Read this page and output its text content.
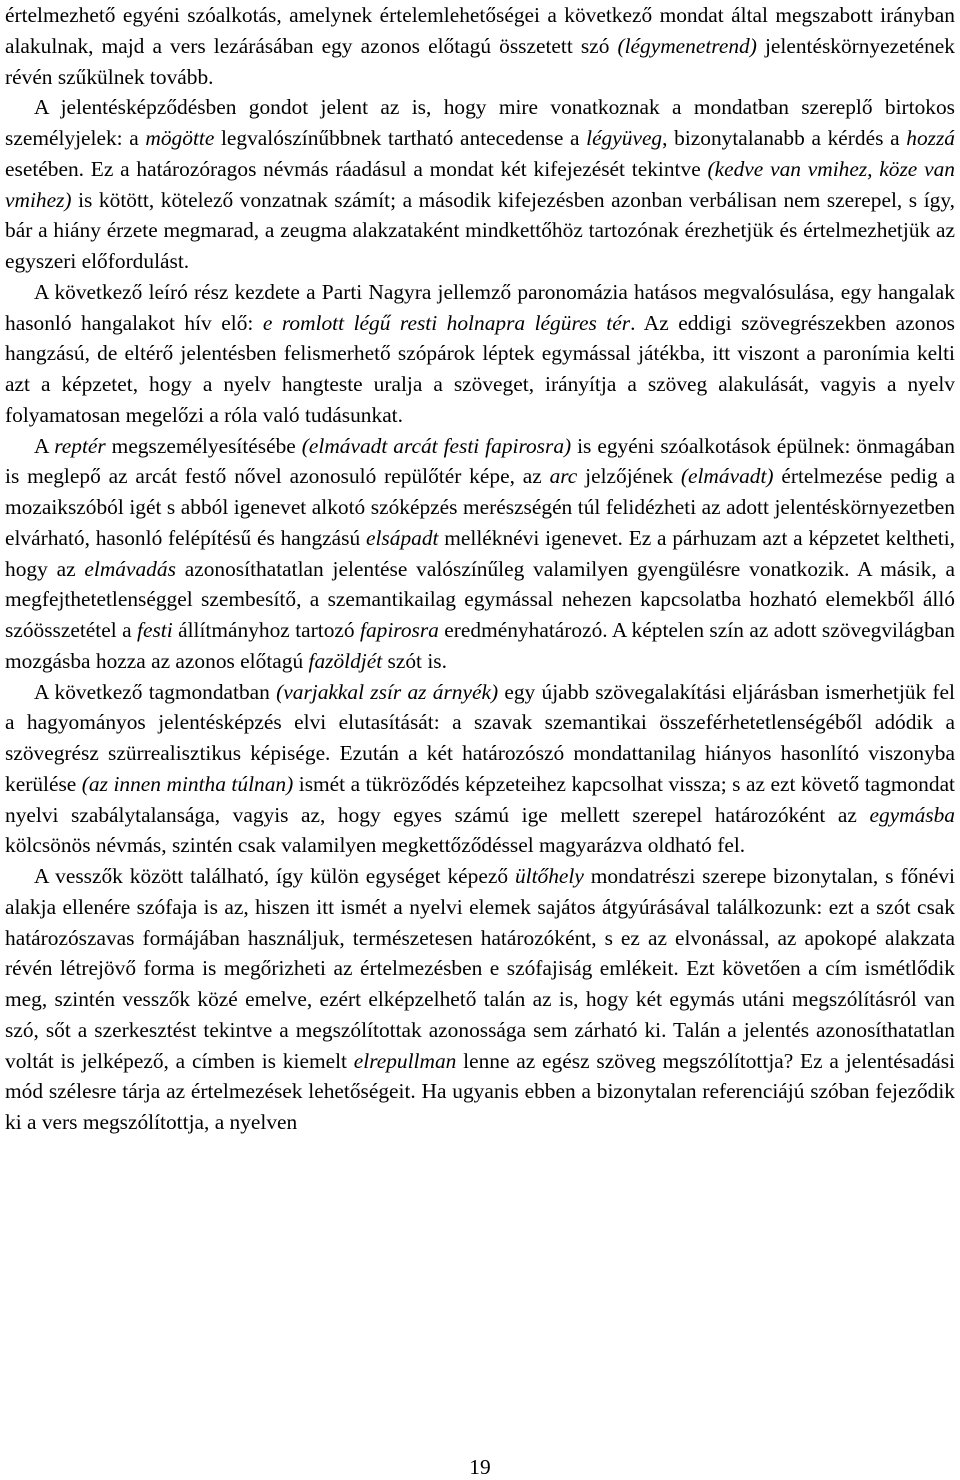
értelmezhető egyéni szóalkotás, amelynek értelemlehetőségei a következő mondat által megszabott irányban alakulnak, majd a vers lezárásában egy azonos előtagú összetett szó (légymenetrend) jelentéskörnyezetének révén szűkülnek tovább.

A jelentésképződésben gondot jelent az is, hogy mire vonatkoznak a mondatban szereplő birtokos személyjelek: a mögötte legvalószínűbbnek tartható antecedense a légyüveg, bizonytalanabb a kérdés a hozzá esetében. Ez a határozóragos névmás ráadásul a mondat két kifejezését tekintve (kedve van vmihez, köze van vmihez) is kötött, kötelező vonzatnak számít; a második kifejezésben azonban verbálisan nem szerepel, s így, bár a hiány érzete megmarad, a zeugma alakzataként mindkettőhöz tartozónak érezhetjük és értelmezhetjük az egyszeri előfordulást.

A következő leíró rész kezdete a Parti Nagyra jellemző paronomázia hatásos megvalósulása, egy hangalak hasonló hangalakot hív elő: e romlott légű resti holnapra légüres tér. Az eddigi szövegrészekben azonos hangzású, de eltérő jelentésben felismerhető szópárok léptek egymással játékba, itt viszont a paronímia kelti azt a képzetet, hogy a nyelv hangteste uralja a szöveget, irányítja a szöveg alakulását, vagyis a nyelv folyamatosan megelőzi a róla való tudásunkat.

A reptér megszemélyesítésébe (elmávadt arcát festi fapirosra) is egyéni szóalkotások épülnek: önmagában is meglepő az arcát festő nővel azonosuló repülőtér képe, az arc jelzőjének (elmávadt) értelmezése pedig a mozaikszóból igét s abból igenevet alkotó szóképzés merészségén túl felidézheti az adott jelentéskörnyezetben elvárható, hasonló felépítésű és hangzású elsápadt melléknévi igenevet. Ez a párhuzam azt a képzetet keltheti, hogy az elmávadás azonosíthatatlan jelentése valószínűleg valamilyen gyengülésre vonatkozik. A másik, a megfejthetetlenséggel szembesítő, a szemantikailag egymással nehezen kapcsolatba hozható elemekből álló szóösszetétel a festi állítmányhoz tartozó fapirosra eredményhatározó. A képtelen szín az adott szövegvilágban mozgásba hozza az azonos előtagú fazöldjét szót is.

A következő tagmondatban (varjakkal zsír az árnyék) egy újabb szövegalakítási eljárásban ismerhetjük fel a hagyományos jelentésképzés elvi elutasítását: a szavak szemantikai összeférhetetlenségéből adódik a szövegrész szürrealisztikus képisége. Ezután a két határozószó mondattanilag hiányos hasonlító viszonyba kerülése (az innen mintha túlnan) ismét a tükröződés képzeteihez kapcsolhat vissza; s az ezt követő tagmondat nyelvi szabálytalansága, vagyis az, hogy egyes számú ige mellett szerepel határozóként az egymásba kölcsönös névmás, szintén csak valamilyen megkettőződéssel magyarázva oldható fel.

A vesszők között található, így külön egységet képező ültőhely mondatrészi szerepe bizonytalan, s főnévi alakja ellenére szófaja is az, hiszen itt ismét a nyelvi elemek sajátos átgyúrásával találkozunk: ezt a szót csak határozószavas formájában használjuk, természetesen határozóként, s ez az elvonással, az apokopé alakzata révén létrejövő forma is megőrizheti az értelmezésben e szófajiság emlékeit. Ezt követően a cím ismétlődik meg, szintén vesszők közé emelve, ezért elképzelhető talán az is, hogy két egymás utáni megszólításról van szó, sőt a szerkesztést tekintve a megszólítottak azonossága sem zárható ki. Talán a jelentés azonosíthatatlan voltát is jelképező, a címben is kiemelt elrepullman lenne az egész szöveg megszólítottja? Ez a jelentésadási mód szélesre tárja az értelmezések lehetőségeit. Ha ugyanis ebben a bizonytalan referenciájú szóban fejeződik ki a vers megszólítottja, a nyelven

19
